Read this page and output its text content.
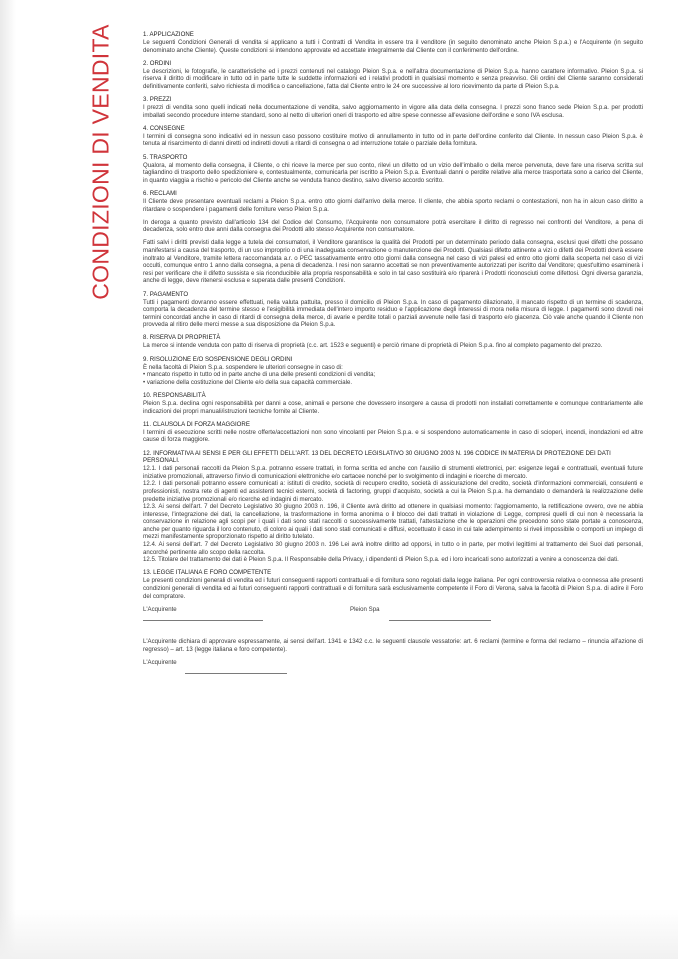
CONDIZIONI DI VENDITA	1. APPLICAZIONE

Le seguenti Condizioni Generali di vendita si applicano a tutti i Contratti di Vendita in essere tra il venditore (in seguito denominato anche Pleion S.p.a.) e l'Acquirente (in seguito denominato anche Cliente). Queste condizioni si intendono approvate ed accettate integralmente dal Cliente con il conferimento dell'ordine.

2. ORDINI

Le descrizioni, le fotografie, le caratteristiche ed i prezzi contenuti nel catalogo Pleion S.p.a. e nell'altra documentazione di Pleion S.p.a. hanno carattere informativo. Pleion S.p.a. si riserva il diritto di modificare in tutto od in parte tutte le suddette informazioni ed i relativi prodotti in qualsiasi momento e senza preavviso. Gli ordini del Cliente saranno considerati definitivamente conferiti, salvo richiesta di modifica o cancellazione, fatta dal Cliente entro le 24 ore successive al loro ricevimento da parte di Pleion S.p.a.

3. PREZZI

I prezzi di vendita sono quelli indicati nella documentazione di vendita, salvo aggiornamento in vigore alla data della consegna. I prezzi sono franco sede Pleion S.p.a. per prodotti imballati secondo procedure interne standard, sono al netto di ulteriori oneri di trasporto ed altre spese connesse all'evasione dell'ordine e sono IVA esclusa.

4. CONSEGNE

I termini di consegna sono indicativi ed in nessun caso possono costituire motivo di annullamento in tutto od in parte dell'ordine conferito dal Cliente. In nessun caso Pleion S.p.a. è tenuta al risarcimento di danni diretti od indiretti dovuti a ritardi di consegna o ad interruzione totale o parziale della fornitura.

5. TRASPORTO

Qualora, al momento della consegna, il Cliente, o chi riceve la merce per suo conto, rilevi un difetto od un vizio dell'imballo o della merce pervenuta, deve fare una riserva scritta sul tagliandino di trasporto dello spedizioniere e, contestualmente, comunicarla per iscritto a Pleion S.p.a. Eventuali danni o perdite relative alla merce trasportata sono a carico del Cliente, in quanto viaggia a rischio e pericolo del Cliente anche se venduta franco destino, salvo diverso accordo scritto.

6. RECLAMI

Il Cliente deve presentare eventuali reclami a Pleion S.p.a. entro otto giorni dall'arrivo della merce. Il cliente, che abbia sporto reclami o contestazioni, non ha in alcun caso diritto a ritardare o sospendere i pagamenti delle forniture verso Pleion S.p.a.

In deroga a quanto previsto dall'articolo 134 del Codice del Consumo, l'Acquirente non consumatore potrà esercitare il diritto di regresso nei confronti del Venditore, a pena di decadenza, solo entro due anni dalla consegna dei Prodotti allo stesso Acquirente non consumatore.

Fatti salvi i diritti previsti dalla legge a tutela dei consumatori, il Venditore garantisce la qualità dei Prodotti per un determinato periodo dalla consegna, esclusi quei difetti che possano manifestarsi a causa del trasporto, di un uso improprio o di una inadeguata conservazione o manutenzione dei Prodotti. Qualsiasi difetto attinente a vizi o difetti dei Prodotti dovrà essere inoltrato al Venditore, tramite lettera raccomandata a.r. o PEC tassativamente entro otto giorni dalla consegna nel caso di vizi palesi ed entro otto giorni dalla scoperta nel caso di vizi occulti, comunque entro 1 anno dalla consegna, a pena di decadenza. I resi non saranno accettati se non preventivamente autorizzati per iscritto dal Venditore; quest'ultimo esaminerà i resi per verificare che il difetto sussista e sia riconducibile alla propria responsabilità e solo in tal caso sostituirà e/o riparerà i Prodotti riconosciuti come difettosi. Ogni diversa garanzia, anche di legge, deve ritenersi esclusa e superata dalle presenti Condizioni.

7. PAGAMENTO

Tutti i pagamenti dovranno essere effettuati, nella valuta pattuita, presso il domicilio di Pleion S.p.a. In caso di pagamento dilazionato, il mancato rispetto di un termine di scadenza, comporta la decadenza del termine stesso e l'esigibilità immediata dell'intero importo residuo e l'applicazione degli interessi di mora nella misura di legge. I pagamenti sono dovuti nei termini concordati anche in caso di ritardi di consegna della merce, di avarie e perdite totali o parziali avvenute nelle fasi di trasporto e/o giacenza. Ciò vale anche quando il Cliente non provveda al ritiro delle merci messe a sua disposizione da Pleion S.p.a.

8. RISERVA DI PROPRIETÀ

La merce si intende venduta con patto di riserva di proprietà (c.c. art. 1523 e seguenti) e perciò rimane di proprietà di Pleion S.p.a. fino al completo pagamento del prezzo.

9. RISOLUZIONE E/O SOSPENSIONE DEGLI ORDINI

È nella facoltà di Pleion S.p.a. sospendere le ulteriori consegne in caso di:

• mancato rispetto in tutto od in parte anche di una delle presenti condizioni di vendita;
• variazione della costituzione del Cliente e/o della sua capacità commerciale.
10. RESPONSABILITÀ

Pleion S.p.a. declina ogni responsabilità per danni a cose, animali e persone che dovessero insorgere a causa di prodotti non installati correttamente e comunque contrariamente alle indicazioni dei propri manuali/istruzioni tecniche fornite al Cliente.

11. CLAUSOLA DI FORZA MAGGIORE

I termini di esecuzione scritti nelle nostre offerte/accettazioni non sono vincolanti per Pleion S.p.a. e si sospendono automaticamente in caso di scioperi, incendi, inondazioni ed altre cause di forza maggiore.

12. INFORMATIVA AI SENSI E PER GLI EFFETTI DELL'ART. 13 DEL DECRETO LEGISLATIVO 30 GIUGNO 2003 N. 196 CODICE IN MATERIA DI PROTEZIONE DEI DATI PERSONALI.

12.1. I dati personali raccolti da Pleion S.p.a. potranno essere trattati, in forma scritta ed anche con l'ausilio di strumenti elettronici, per: esigenze legali e contrattuali, eventuali future iniziative promozionali, attraverso l'invio di comunicazioni elettroniche e/o cartacee nonché per lo svolgimento di indagini e ricerche di mercato.

12.2. I dati personali potranno essere comunicati a: istituti di credito, società di recupero credito, società di assicurazione del credito, società d'informazioni commerciali, consulenti e professionisti, nostra rete di agenti ed assistenti tecnici esterni, società di factoring, gruppi d'acquisto, società a cui la Pleion S.p.a. ha demandato o demanderà la realizzazione delle predette iniziative promozionali e/o ricerche ed indagini di mercato.

12.3. Ai sensi dell'art. 7 del Decreto Legislativo 30 giugno 2003 n. 196, il Cliente avrà diritto ad ottenere in qualsiasi momento: l'aggiornamento, la rettificazione ovvero, ove ne abbia interesse, l'integrazione dei dati, la cancellazione, la trasformazione in forma anonima o il blocco dei dati trattati in violazione di Legge, compresi quelli di cui non è necessaria la conservazione in relazione agli scopi per i quali i dati sono stati raccolti o successivamente trattati, l'attestazione che le operazioni che precedono sono state portate a conoscenza, anche per quanto riguarda il loro contenuto, di coloro ai quali i dati sono stati comunicati e diffusi, eccettuato il caso in cui tale adempimento si riveli impossibile o comporti un impiego di mezzi manifestamente sproporzionato rispetto al diritto tutelato.

12.4. Ai sensi dell'art. 7 del Decreto Legislativo 30 giugno 2003 n. 196 Lei avrà inoltre diritto ad opporsi, in tutto o in parte, per motivi legittimi al trattamento dei Suoi dati personali, ancorché pertinente allo scopo della raccolta.

12.5. Titolare del trattamento dei dati è Pleion S.p.a. Il Responsabile della Privacy, i dipendenti di Pleion S.p.a. ed i loro incaricati sono autorizzati a venire a conoscenza dei dati.

13. LEGGE ITALIANA E FORO COMPETENTE

Le presenti condizioni generali di vendita ed i futuri conseguenti rapporti contrattuali e di fornitura sono regolati dalla legge italiana. Per ogni controversia relativa o connessa alle presenti condizioni generali di vendita ed ai futuri conseguenti rapporti contrattuali e di fornitura sarà esclusivamente competente il Foro di Verona, salva la facoltà di Pleion S.p.a. di adire il Foro del compratore.

L'Acquirente	Pleion Spa

L'Acquirente dichiara di approvare espressamente, ai sensi dell'art. 1341 e 1342 c.c. le seguenti clausole vessatorie: art. 6 reclami (termine e forma del reclamo – rinuncia all'azione di regresso) – art. 13 (legge italiana e foro competente).

L'Acquirente
